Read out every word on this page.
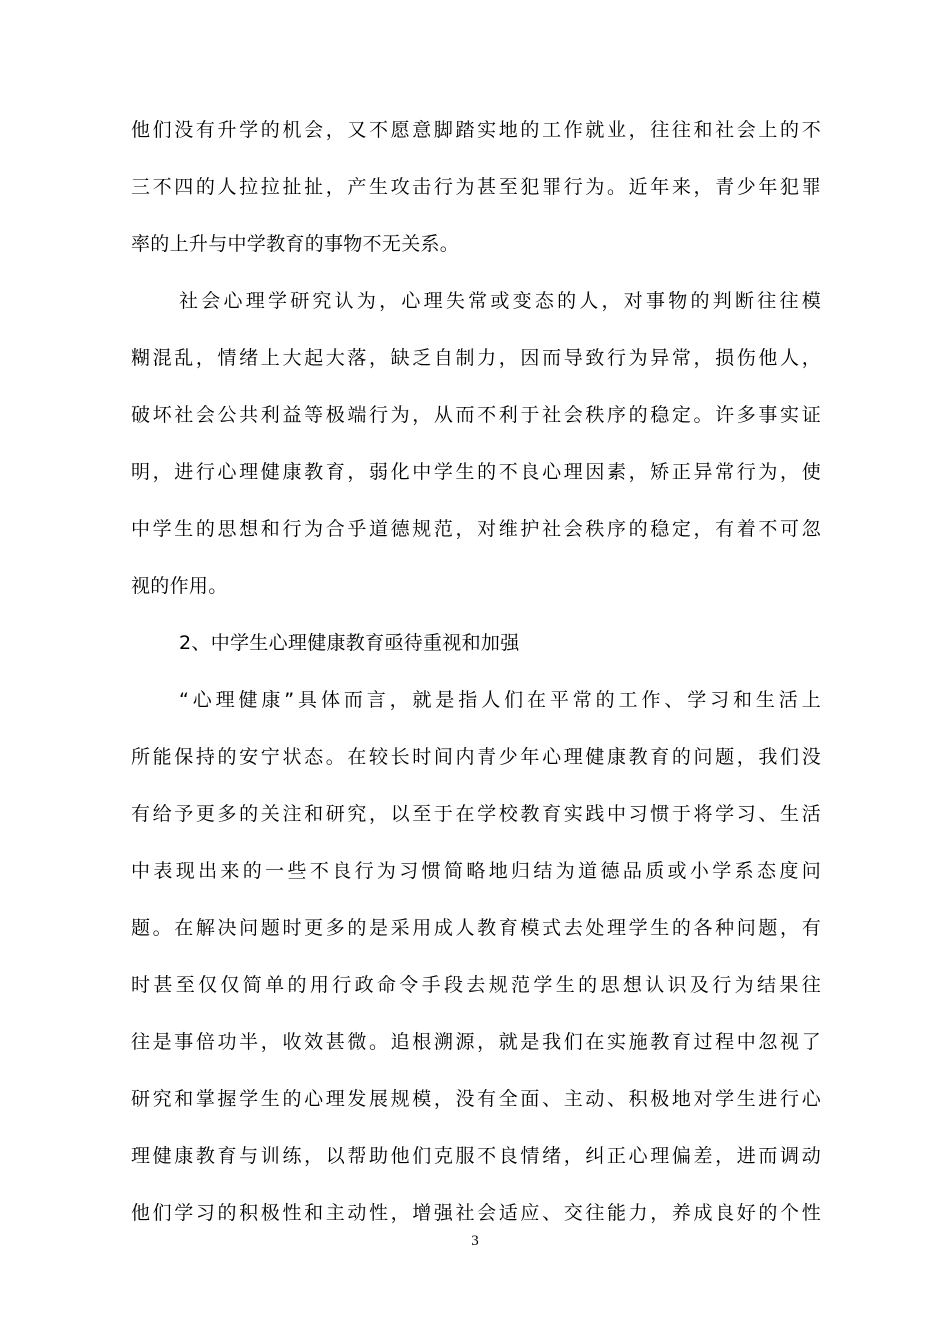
他们没有升学的机会，又不愿意脚踏实地的工作就业，往往和社会上的不
三不四的人拉拉扯扯，产生攻击行为甚至犯罪行为。近年来，青少年犯罪
率的上升与中学教育的事物不无关系。
社会心理学研究认为，心理失常或变态的人，对事物的判断往往模
糊混乱，情绪上大起大落，缺乏自制力，因而导致行为异常，损伤他人，
破坏社会公共利益等极端行为，从而不利于社会秩序的稳定。许多事实证
明，进行心理健康教育，弱化中学生的不良心理因素，矫正异常行为，使
中学生的思想和行为合乎道德规范，对维护社会秩序的稳定，有着不可忽
视的作用。
2、中学生心理健康教育亟待重视和加强
“心理健康”具体而言，就是指人们在平常的工作、学习和生活上
所能保持的安宁状态。在较长时间内青少年心理健康教育的问题，我们没
有给予更多的关注和研究，以至于在学校教育实践中习惯于将学习、生活
中表现出来的一些不良行为习惯简略地归结为道德品质或小学系态度问
题。在解决问题时更多的是采用成人教育模式去处理学生的各种问题，有
时甚至仅仅简单的用行政命令手段去规范学生的思想认识及行为结果往
往是事倍功半，收效甚微。追根溯源，就是我们在实施教育过程中忽视了
研究和掌握学生的心理发展规模，没有全面、主动、积极地对学生进行心
理健康教育与训练，以帮助他们克服不良情绪，纠正心理偏差，进而调动
他们学习的积极性和主动性，增强社会适应、交往能力，养成良好的个性
3
